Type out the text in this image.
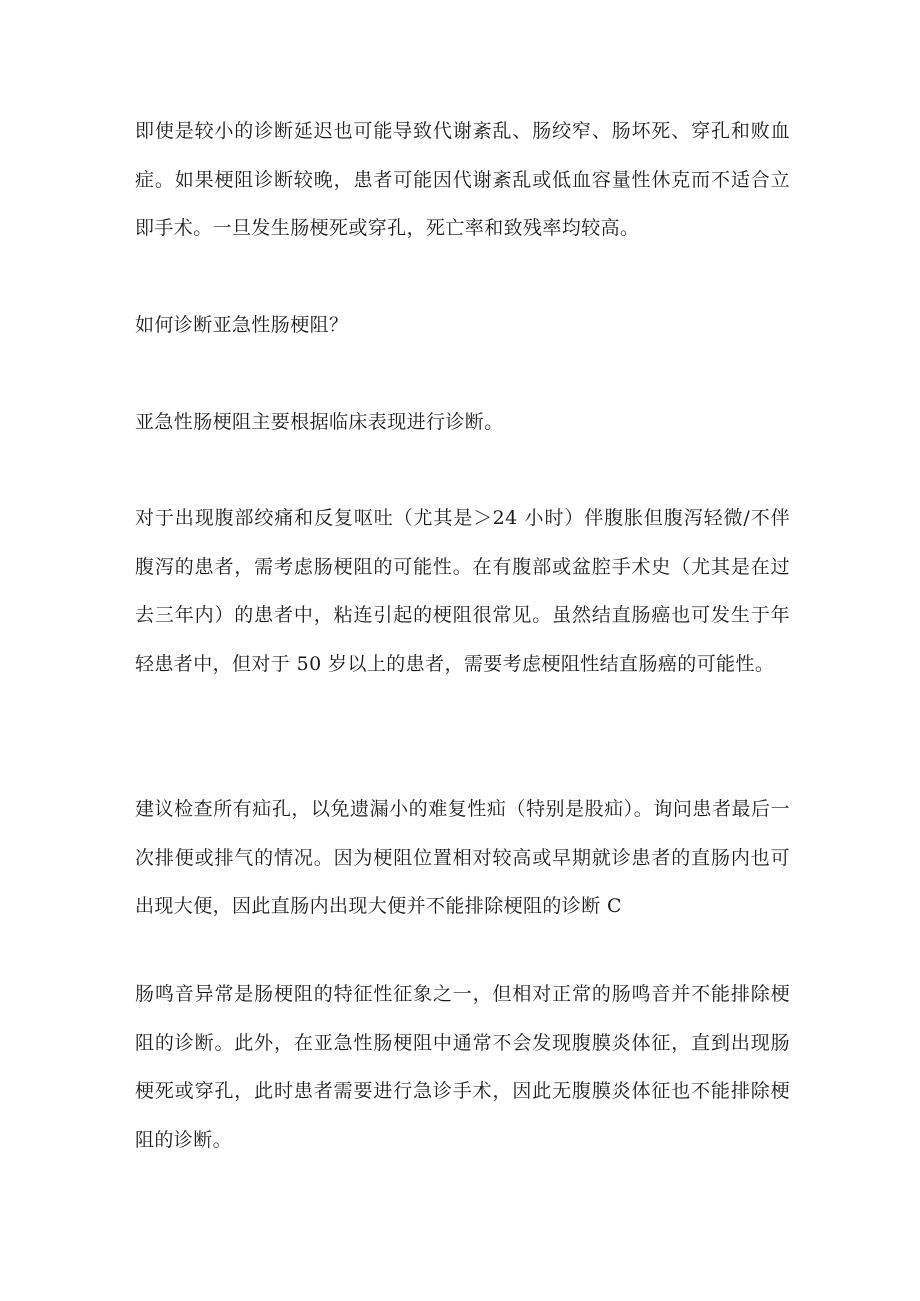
即使是较小的诊断延迟也可能导致代谢紊乱、肠绞窄、肠坏死、穿孔和败血症。如果梗阻诊断较晚，患者可能因代谢紊乱或低血容量性休克而不适合立即手术。一旦发生肠梗死或穿孔，死亡率和致残率均较高。

如何诊断亚急性肠梗阻？

亚急性肠梗阻主要根据临床表现进行诊断。

对于出现腹部绞痛和反复呕吐（尤其是＞24 小时）伴腹胀但腹泻轻微/不伴腹泻的患者，需考虑肠梗阻的可能性。在有腹部或盆腔手术史（尤其是在过去三年内）的患者中，粘连引起的梗阻很常见。虽然结直肠癌也可发生于年轻患者中，但对于 50 岁以上的患者，需要考虑梗阻性结直肠癌的可能性。

建议检查所有疝孔，以免遗漏小的难复性疝（特别是股疝）。询问患者最后一次排便或排气的情况。因为梗阻位置相对较高或早期就诊患者的直肠内也可出现大便，因此直肠内出现大便并不能排除梗阻的诊断 C

肠鸣音异常是肠梗阻的特征性征象之一，但相对正常的肠鸣音并不能排除梗阻的诊断。此外，在亚急性肠梗阻中通常不会发现腹膜炎体征，直到出现肠梗死或穿孔，此时患者需要进行急诊手术，因此无腹膜炎体征也不能排除梗阻的诊断。
